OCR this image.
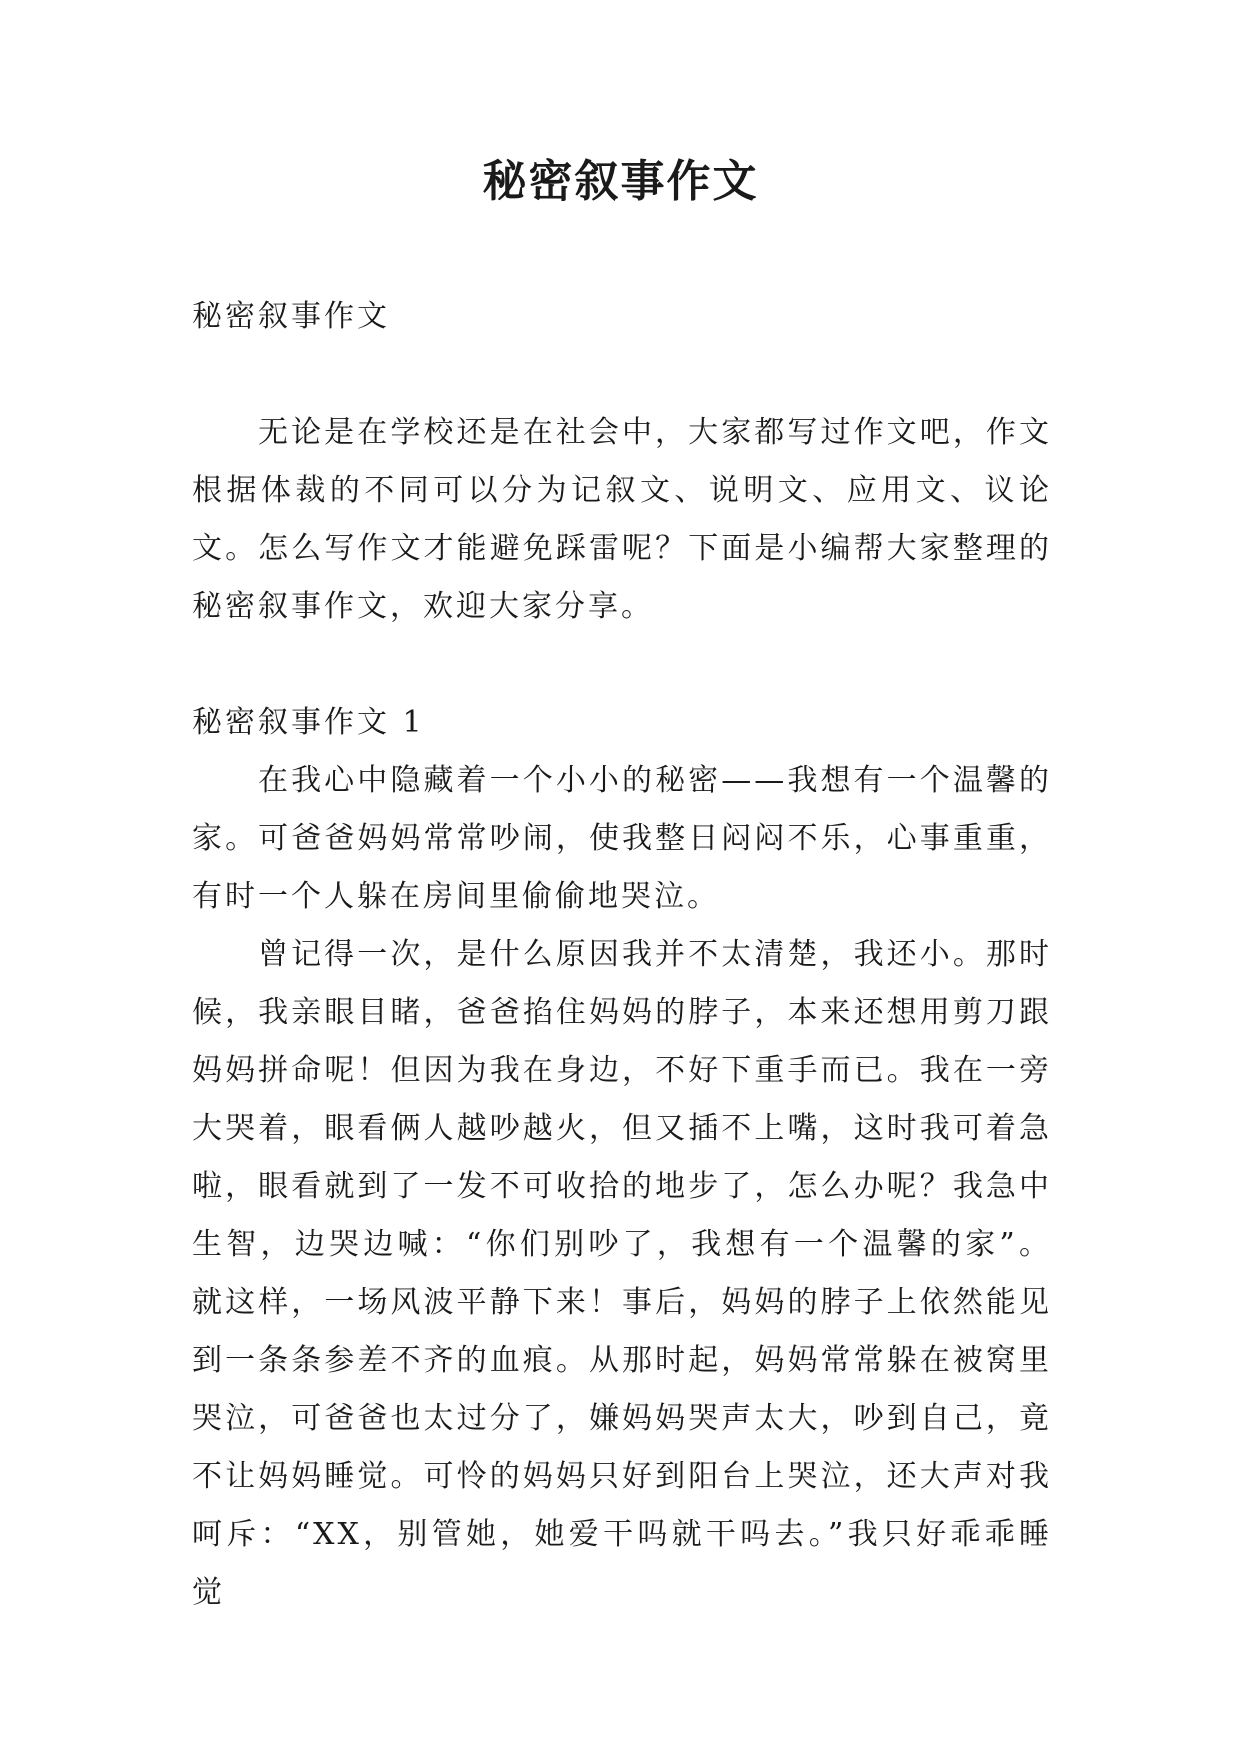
秘密叙事作文

秘密叙事作文

无论是在学校还是在社会中，大家都写过作文吧，作文根据体裁的不同可以分为记叙文、说明文、应用文、议论文。怎么写作文才能避免踩雷呢？下面是小编帮大家整理的秘密叙事作文，欢迎大家分享。

秘密叙事作文 1

在我心中隐藏着一个小小的秘密——我想有一个温馨的家。可爸爸妈妈常常吵闹，使我整日闷闷不乐，心事重重，有时一个人躲在房间里偷偷地哭泣。

曾记得一次，是什么原因我并不太清楚，我还小。那时候，我亲眼目睹，爸爸掐住妈妈的脖子，本来还想用剪刀跟妈妈拼命呢！但因为我在身边，不好下重手而已。我在一旁大哭着，眼看俩人越吵越火，但又插不上嘴，这时我可着急啦，眼看就到了一发不可收拾的地步了，怎么办呢？我急中生智，边哭边喊：“你们别吵了，我想有一个温馨的家”。就这样，一场风波平静下来！事后，妈妈的脖子上依然能见到一条条参差不齐的血痕。从那时起，妈妈常常躲在被窝里哭泣，可爸爸也太过分了，嫌妈妈哭声太大，吵到自己，竟不让妈妈睡觉。可怜的妈妈只好到阳台上哭泣，还大声对我呵斥：“XX，别管她，她爱干吗就干吗去。”我只好乖乖睡觉
